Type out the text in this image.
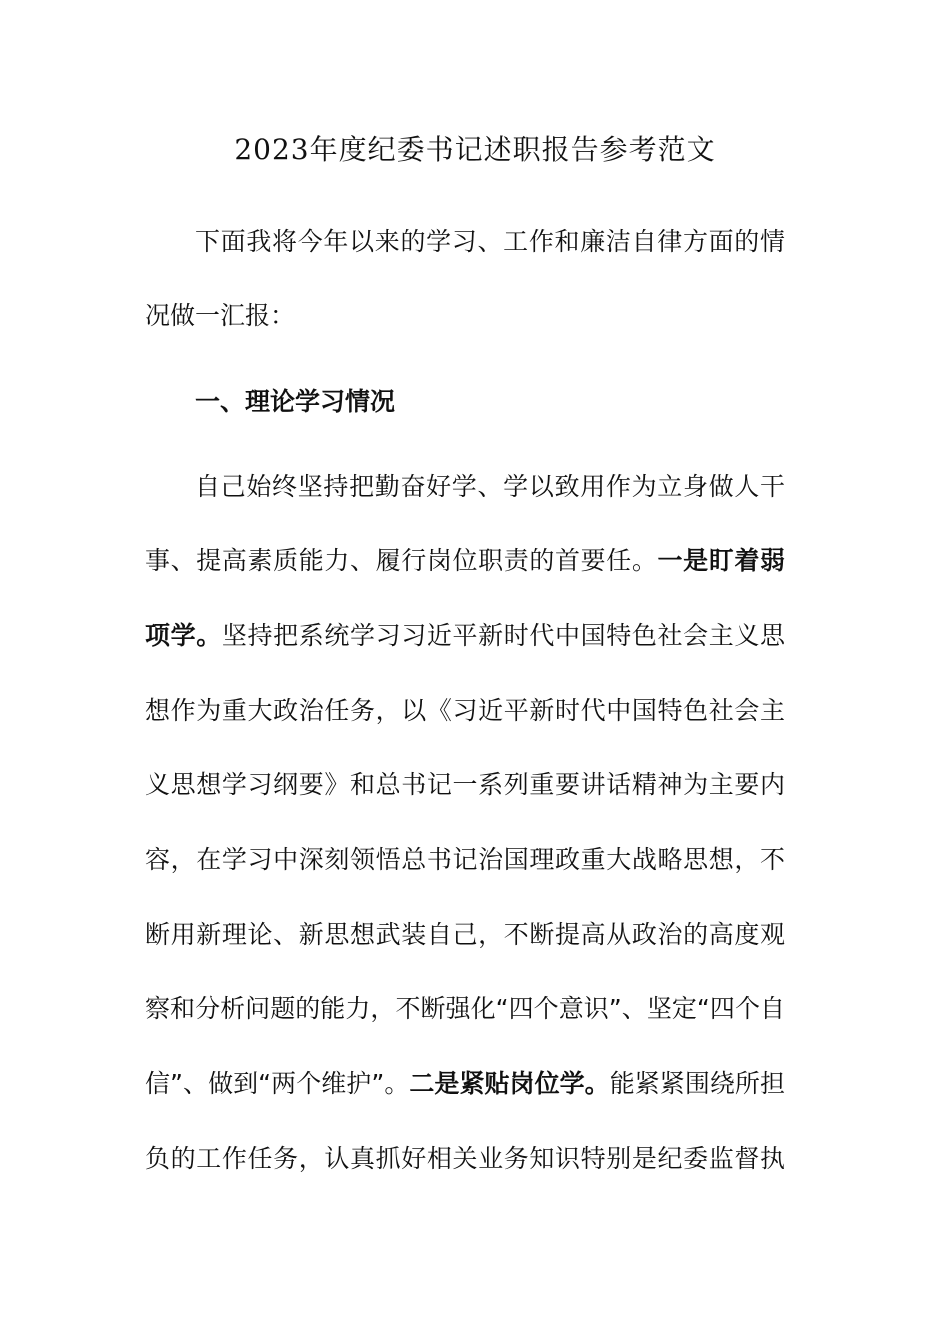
2023年度纪委书记述职报告参考范文
下面我将今年以来的学习、工作和廉洁自律方面的情
况做一汇报：
一、理论学习情况
自己始终坚持把勤奋好学、学以致用作为立身做人干
事、提高素质能力、履行岗位职责的首要任。一是盯着弱
项学。坚持把系统学习习近平新时代中国特色社会主义思
想作为重大政治任务，以《习近平新时代中国特色社会主
义思想学习纲要》和总书记一系列重要讲话精神为主要内
容，在学习中深刻领悟总书记治国理政重大战略思想，不
断用新理论、新思想武装自己，不断提高从政治的高度观
察和分析问题的能力，不断强化“四个意识”、坚定“四个自
信”、做到“两个维护”。二是紧贴岗位学。能紧紧围绕所担
负的工作任务，认真抓好相关业务知识特别是纪委监督执
